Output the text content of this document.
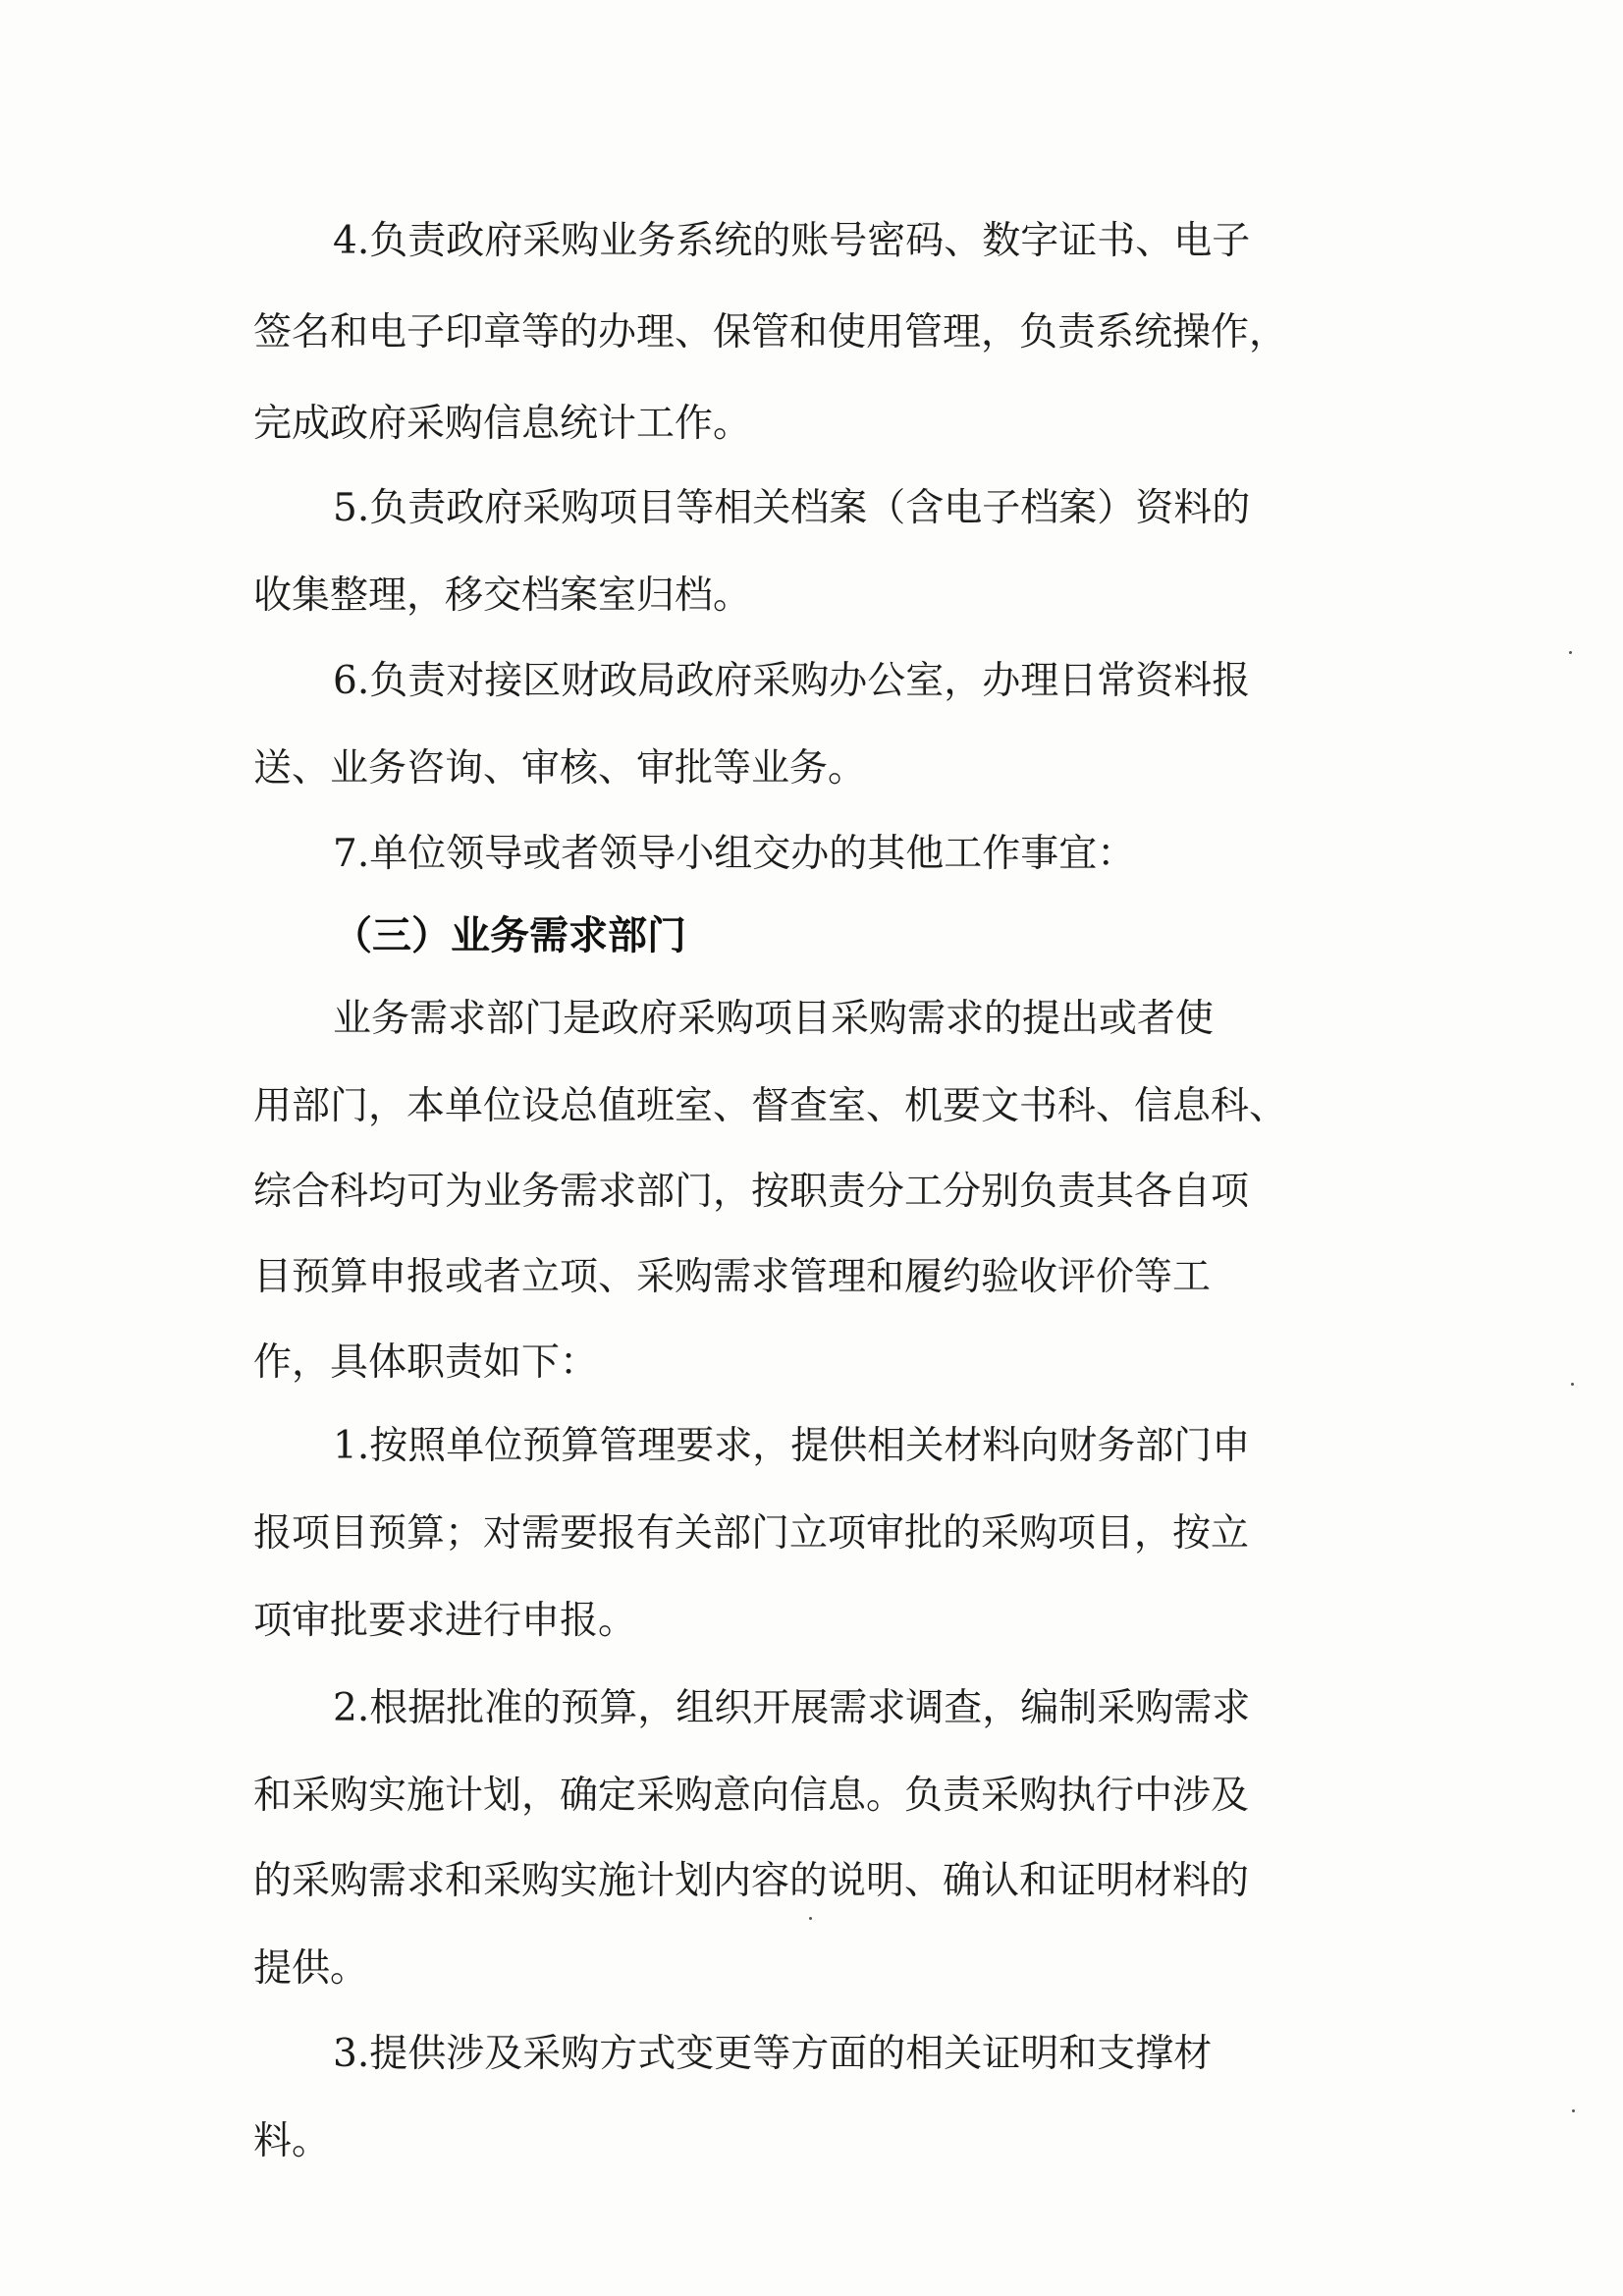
4.负责政府采购业务系统的账号密码、数字证书、电子

签名和电子印章等的办理、保管和使用管理，负责系统操作，

完成政府采购信息统计工作。

5.负责政府采购项目等相关档案（含电子档案）资料的

收集整理，移交档案室归档。

6.负责对接区财政局政府采购办公室，办理日常资料报

送、业务咨询、审核、审批等业务。

7.单位领导或者领导小组交办的其他工作事宜：

（三）业务需求部门

业务需求部门是政府采购项目采购需求的提出或者使

用部门，本单位设总值班室、督查室、机要文书科、信息科、

综合科均可为业务需求部门，按职责分工分别负责其各自项

目预算申报或者立项、采购需求管理和履约验收评价等工

作，具体职责如下：

1.按照单位预算管理要求，提供相关材料向财务部门申

报项目预算；对需要报有关部门立项审批的采购项目，按立

项审批要求进行申报。

2.根据批准的预算，组织开展需求调查，编制采购需求

和采购实施计划，确定采购意向信息。负责采购执行中涉及

的采购需求和采购实施计划内容的说明、确认和证明材料的

提供。

3.提供涉及采购方式变更等方面的相关证明和支撑材

料。
